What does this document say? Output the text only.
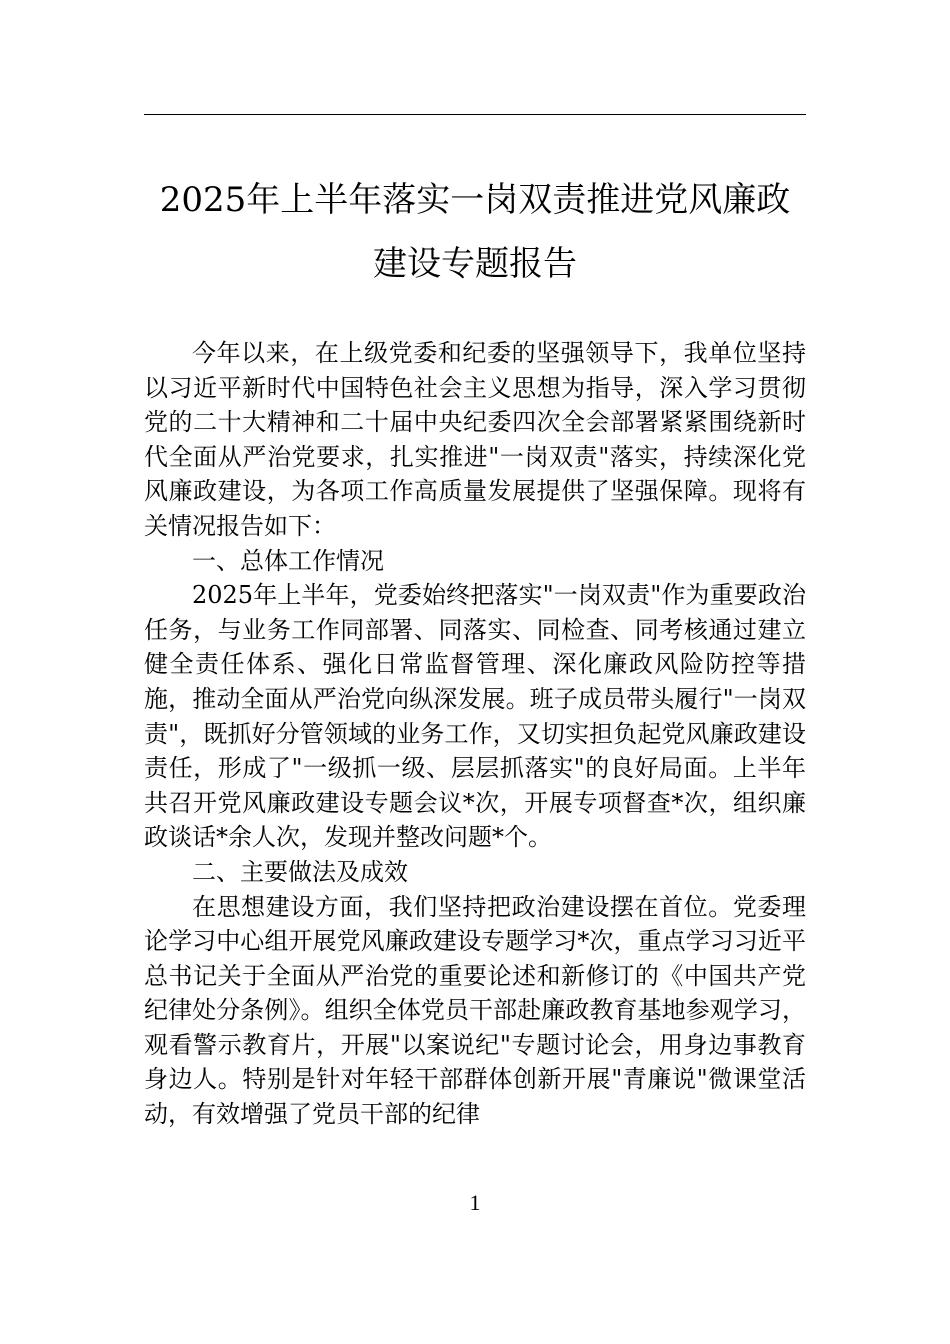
2025年上半年落实一岗双责推进党风廉政
建设专题报告

今年以来，在上级党委和纪委的坚强领导下，我单位坚持以习近平新时代中国特色社会主义思想为指导，深入学习贯彻党的二十大精神和二十届中央纪委四次全会部署紧紧围绕新时代全面从严治党要求，扎实推进"一岗双责"落实，持续深化党风廉政建设，为各项工作高质量发展提供了坚强保障。现将有关情况报告如下：

一、总体工作情况

2025年上半年，党委始终把落实"一岗双责"作为重要政治任务，与业务工作同部署、同落实、同检查、同考核通过建立健全责任体系、强化日常监督管理、深化廉政风险防控等措施，推动全面从严治党向纵深发展。班子成员带头履行"一岗双责"，既抓好分管领域的业务工作，又切实担负起党风廉政建设责任，形成了"一级抓一级、层层抓落实"的良好局面。上半年共召开党风廉政建设专题会议*次，开展专项督查*次，组织廉政谈话*余人次，发现并整改问题*个。

二、主要做法及成效

在思想建设方面，我们坚持把政治建设摆在首位。党委理论学习中心组开展党风廉政建设专题学习*次，重点学习习近平总书记关于全面从严治党的重要论述和新修订的《中国共产党纪律处分条例》。组织全体党员干部赴廉政教育基地参观学习，观看警示教育片，开展"以案说纪"专题讨论会，用身边事教育身边人。特别是针对年轻干部群体创新开展"青廉说"微课堂活动，有效增强了党员干部的纪律

1
